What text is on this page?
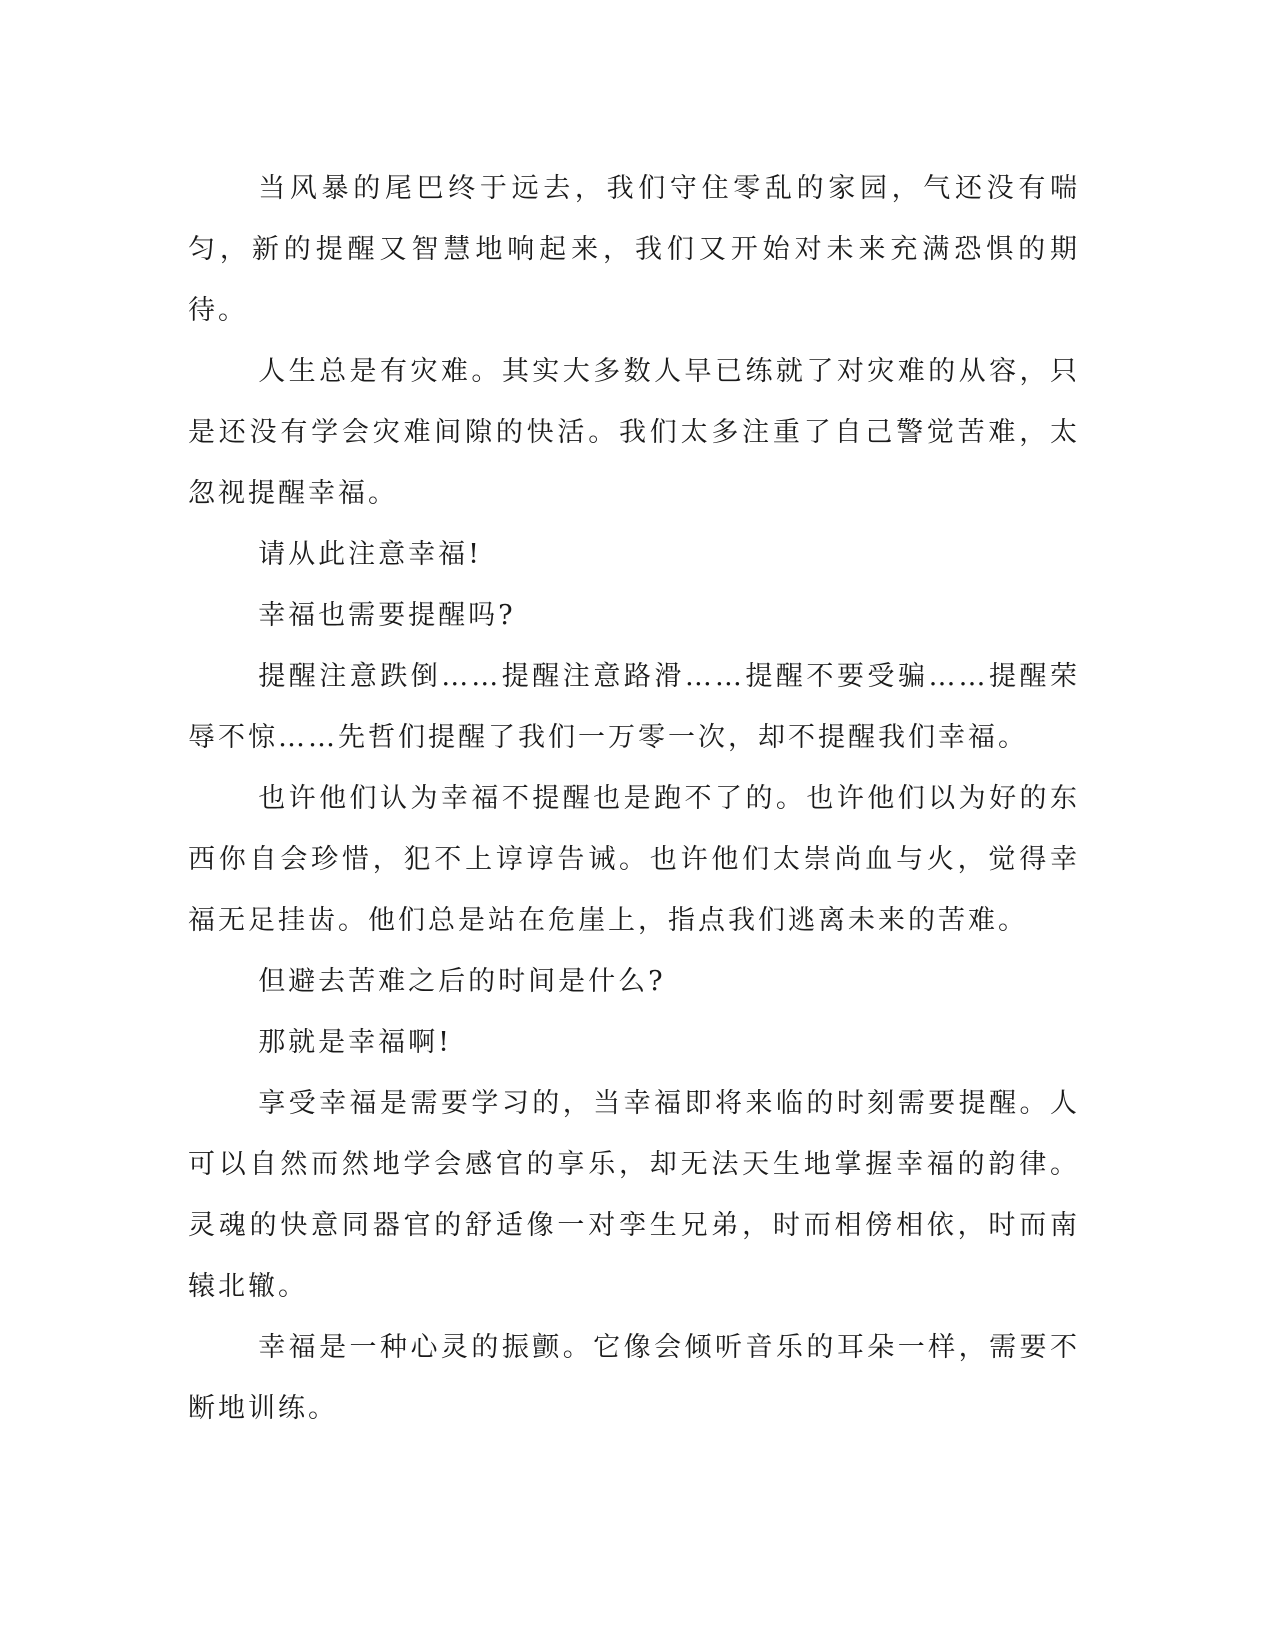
当风暴的尾巴终于远去，我们守住零乱的家园，气还没有喘匀，新的提醒又智慧地响起来，我们又开始对未来充满恐惧的期待。

人生总是有灾难。其实大多数人早已练就了对灾难的从容，只是还没有学会灾难间隙的快活。我们太多注重了自己警觉苦难，太忽视提醒幸福。

请从此注意幸福!

幸福也需要提醒吗?

提醒注意跌倒……提醒注意路滑……提醒不要受骗……提醒荣辱不惊……先哲们提醒了我们一万零一次，却不提醒我们幸福。

也许他们认为幸福不提醒也是跑不了的。也许他们以为好的东西你自会珍惜，犯不上谆谆告诫。也许他们太崇尚血与火，觉得幸福无足挂齿。他们总是站在危崖上，指点我们逃离未来的苦难。

但避去苦难之后的时间是什么?

那就是幸福啊!

享受幸福是需要学习的，当幸福即将来临的时刻需要提醒。人可以自然而然地学会感官的享乐，却无法天生地掌握幸福的韵律。灵魂的快意同器官的舒适像一对孪生兄弟，时而相傍相依，时而南辕北辙。

幸福是一种心灵的振颤。它像会倾听音乐的耳朵一样，需要不断地训练。
